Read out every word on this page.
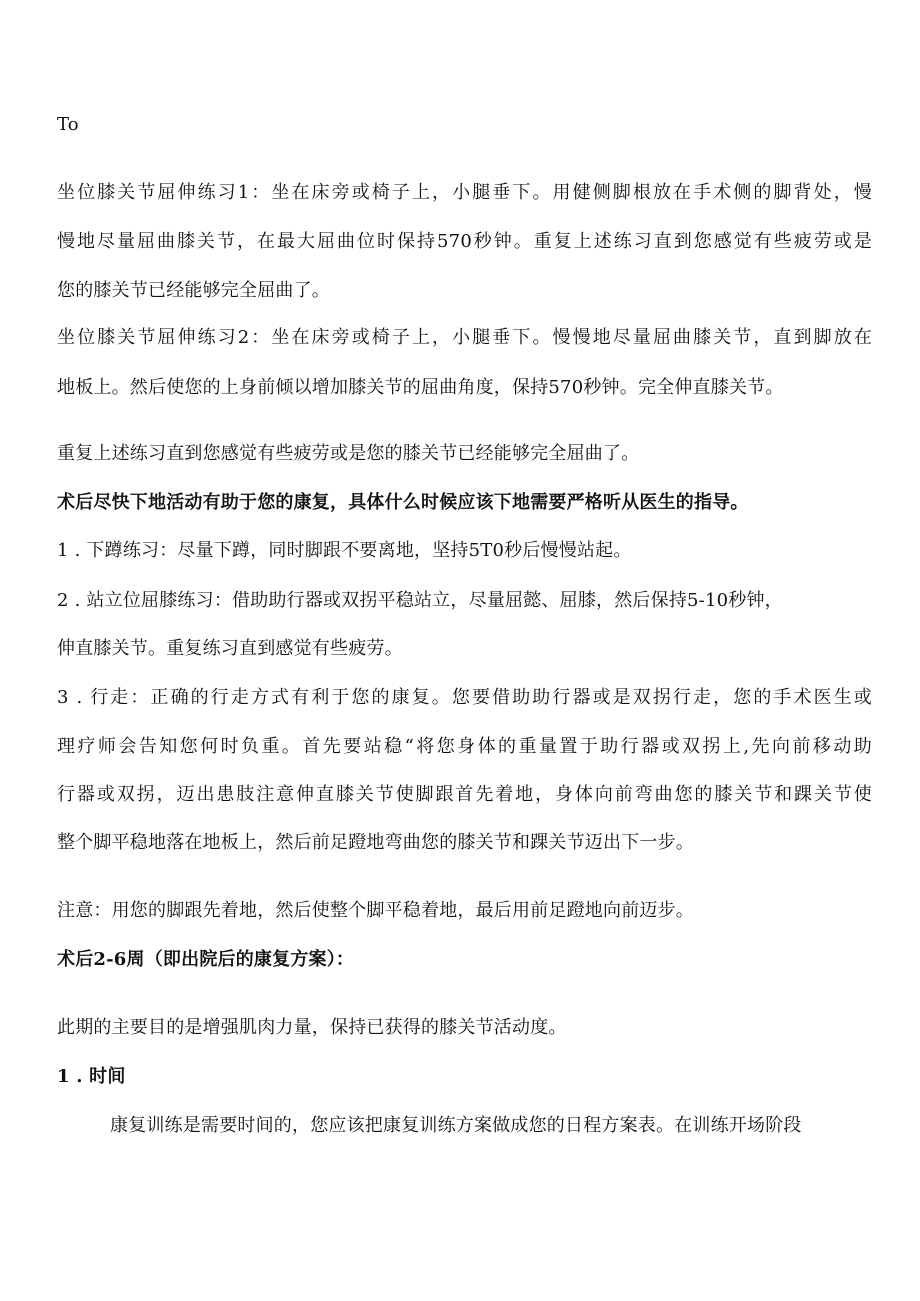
To
坐位膝关节屈伸练习1：坐在床旁或椅子上，小腿垂下。用健侧脚根放在手术侧的脚背处，慢
慢地尽量屈曲膝关节，在最大屈曲位时保持570秒钟。重复上述练习直到您感觉有些疲劳或是
您的膝关节已经能够完全屈曲了。
坐位膝关节屈伸练习2：坐在床旁或椅子上，小腿垂下。慢慢地尽量屈曲膝关节，直到脚放在
地板上。然后使您的上身前倾以增加膝关节的屈曲角度，保持570秒钟。完全伸直膝关节。
重复上述练习直到您感觉有些疲劳或是您的膝关节已经能够完全屈曲了。
术后尽快下地活动有助于您的康复，具体什么时候应该下地需要严格听从医生的指导。
1 . 下蹲练习：尽量下蹲，同时脚跟不要离地，坚持5T0秒后慢慢站起。
2 . 站立位屈膝练习：借助助行器或双拐平稳站立，尽量屈懿、屈膝，然后保持5-10秒钟，
伸直膝关节。重复练习直到感觉有些疲劳。
3 . 行走：正确的行走方式有利于您的康复。您要借助助行器或是双拐行走，您的手术医生或
理疗师会告知您何时负重。首先要站稳“将您身体的重量置于助行器或双拐上,先向前移动助
行器或双拐，迈出患肢注意伸直膝关节使脚跟首先着地，身体向前弯曲您的膝关节和踝关节使
整个脚平稳地落在地板上，然后前足蹬地弯曲您的膝关节和踝关节迈出下一步。
注意：用您的脚跟先着地，然后使整个脚平稳着地，最后用前足蹬地向前迈步。
术后2-6周（即出院后的康复方案）：
此期的主要目的是增强肌肉力量，保持已获得的膝关节活动度。
1 . 时间
康复训练是需要时间的，您应该把康复训练方案做成您的日程方案表。在训练开场阶段
